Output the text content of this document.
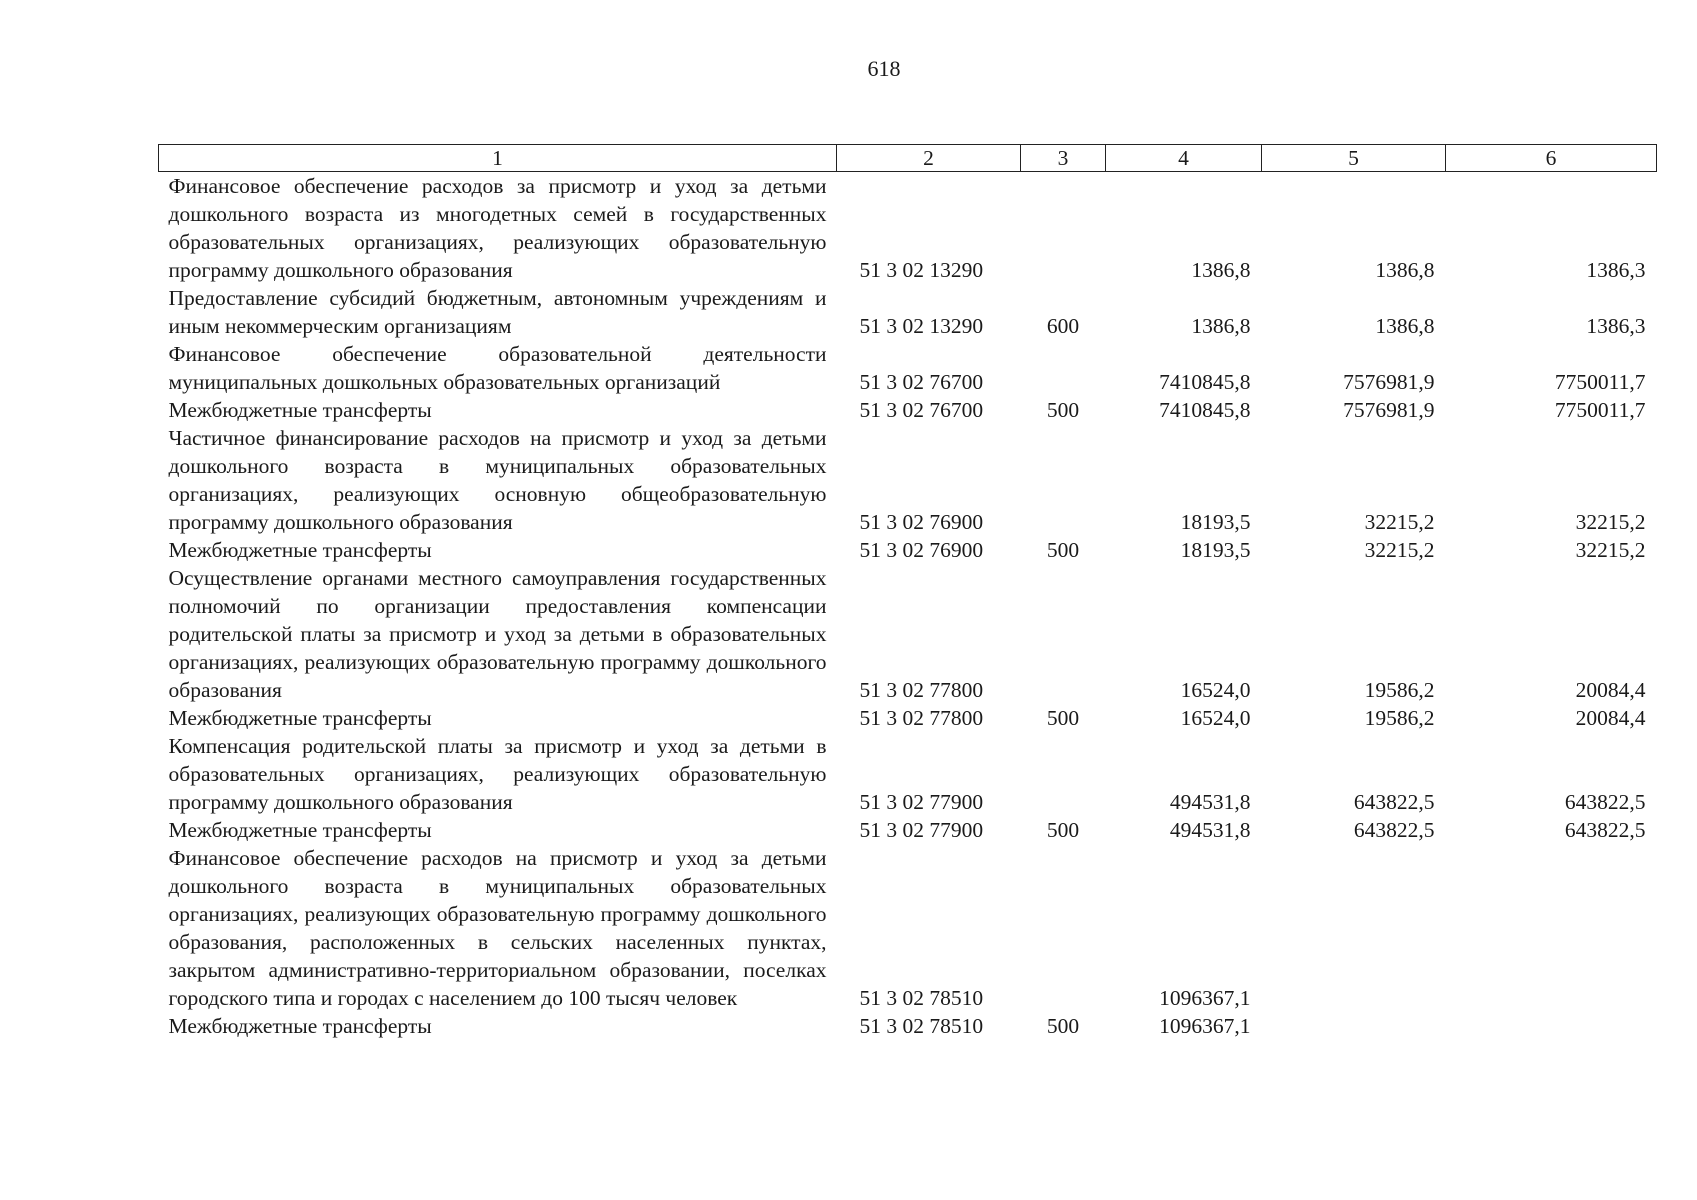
618
1	2	3	4	5	6
Финансовое обеспечение расходов за присмотр и уход за детьми дошкольного возраста из многодетных семей в государственных образовательных организациях, реализующих образовательную программу дошкольного образования	51 3 02 13290		1386,8	1386,8	1386,3
Предоставление субсидий бюджетным, автономным учреждениям и иным некоммерческим организациям	51 3 02 13290	600	1386,8	1386,8	1386,3
Финансовое обеспечение образовательной деятельности муниципальных дошкольных образовательных организаций	51 3 02 76700		7410845,8	7576981,9	7750011,7
Межбюджетные трансферты	51 3 02 76700	500	7410845,8	7576981,9	7750011,7
Частичное финансирование расходов на присмотр и уход за детьми дошкольного возраста в муниципальных образовательных организациях, реализующих основную общеобразовательную программу дошкольного образования	51 3 02 76900		18193,5	32215,2	32215,2
Межбюджетные трансферты	51 3 02 76900	500	18193,5	32215,2	32215,2
Осуществление органами местного самоуправления государственных полномочий по организации предоставления компенсации родительской платы за присмотр и уход за детьми в образовательных организациях, реализующих образовательную программу дошкольного образования	51 3 02 77800		16524,0	19586,2	20084,4
Межбюджетные трансферты	51 3 02 77800	500	16524,0	19586,2	20084,4
Компенсация родительской платы за присмотр и уход за детьми в образовательных организациях, реализующих образовательную программу дошкольного образования	51 3 02 77900		494531,8	643822,5	643822,5
Межбюджетные трансферты	51 3 02 77900	500	494531,8	643822,5	643822,5
Финансовое обеспечение расходов на присмотр и уход за детьми дошкольного возраста в муниципальных образовательных организациях, реализующих образовательную программу дошкольного образования, расположенных в сельских населенных пунктах, закрытом административно-территориальном образовании, поселках городского типа и городах с населением до 100 тысяч человек	51 3 02 78510		1096367,1		
Межбюджетные трансферты	51 3 02 78510	500	1096367,1		
